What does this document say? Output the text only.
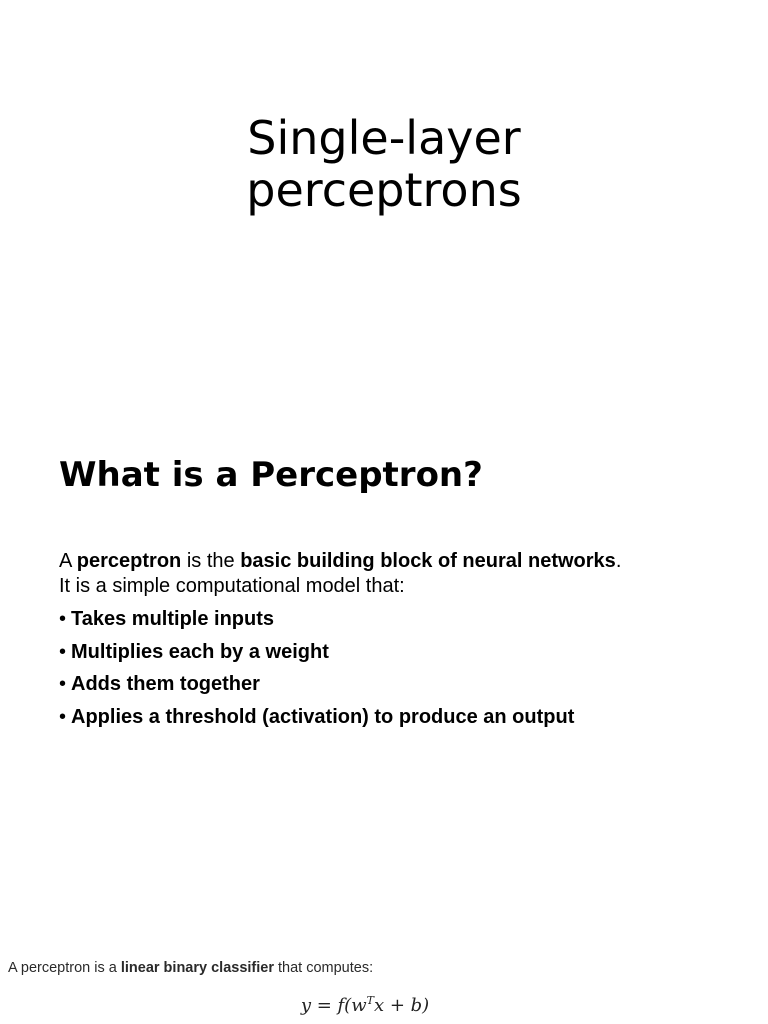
Single-layer
perceptrons
What is a Perceptron?

A perceptron is the basic building block of neural networks.

It is a simple computational model that:

• Takes multiple inputs
• Multiplies each by a weight
• Adds them together
• Applies a threshold (activation) to produce an output
A perceptron is a linear binary classifier that computes:
$y = f(w^Tx + b)$
